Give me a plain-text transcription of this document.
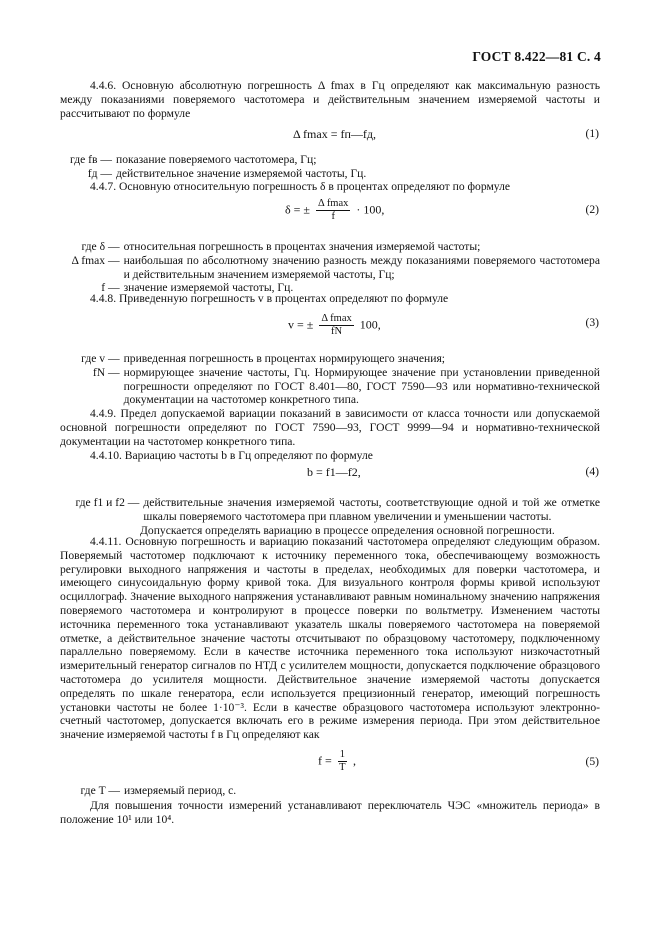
ГОСТ 8.422—81 С. 4
4.4.6. Основную абсолютную погрешность Δ fmax в Гц определяют как максимальную разность между показаниями поверяемого частотомера и действительным значением измеряемой частоты и рассчитывают по формуле
Δ fmax = fп—fд,	(1)
где fв — показание поверяемого частотомера, Гц;
fд — действительное значение измеряемой частоты, Гц.
4.4.7. Основную относительную погрешность δ в процентах определяют по формуле
δ = ± $\frac{\text{Δ fmax}}{f} \cdot 100$,	(2)
где δ — относительная погрешность в процентах значения измеряемой частоты;
Δ fmax — наибольшая по абсолютному значению разность между показаниями поверяемого частотомера и действительным значением измеряемой частоты, Гц;
f — значение измеряемой частоты, Гц.
4.4.8. Приведенную погрешность v в процентах определяют по формуле
v = ± $\frac{\text{Δ fmax}}{fN} 100$,	(3)
где v — приведенная погрешность в процентах нормирующего значения;
fN — нормирующее значение частоты, Гц. Нормирующее значение при установлении приведенной погрешности определяют по ГОСТ 8.401—80, ГОСТ 7590—93 или нормативно-технической документации на частотомер конкретного типа.
4.4.9. Предел допускаемой вариации показаний в зависимости от класса точности или допускаемой основной погрешности определяют по ГОСТ 7590—93, ГОСТ 9999—94 и нормативно-технической документации на частотомер конкретного типа.
4.4.10. Вариацию частоты b в Гц определяют по формуле
b = f1—f2,	(4)
где f1 и f2 — действительные значения измеряемой частоты, соответствующие одной и той же отметке шкалы поверяемого частотомера при плавном увеличении и уменьшении частоты.
Допускается определять вариацию в процессе определения основной погрешности.
4.4.11. Основную погрешность и вариацию показаний частотомера определяют следующим образом. Поверяемый частотомер подключают к источнику переменного тока, обеспечивающему возможность регулировки выходного напряжения и частоты в пределах, необходимых для поверки частотомера, и имеющего синусоидальную форму кривой тока. Для визуального контроля формы кривой используют осциллограф. Значение выходного напряжения устанавливают равным номинальному значению напряжения поверяемого частотомера и контролируют в процессе поверки по вольтметру. Изменением частоты источника переменного тока устанавливают указатель шкалы поверяемого частотомера на поверяемой отметке, а действительное значение частоты отсчитывают по образцовому частотомеру, подключенному параллельно поверяемому. Если в качестве источника переменного тока используют низкочастотный измерительный генератор сигналов по НТД с усилителем мощности, допускается подключение образцового частотомера до усилителя мощности. Действительное значение измеряемой частоты допускается определять по шкале генератора, если используется прецизионный генератор, имеющий погрешность установки частоты не более 1·10⁻³. Если в качестве образцового частотомера используют электронно-счетный частотомер, допускается включать его в режиме измерения периода. При этом действительное значение измеряемой частоты f в Гц определяют как
$f = \frac{1}{T}$ ,	(5)
где T — измеряемый период, с.
Для повышения точности измерений устанавливают переключатель ЧЭС «множитель периода» в положение 10¹ или 10⁴.
